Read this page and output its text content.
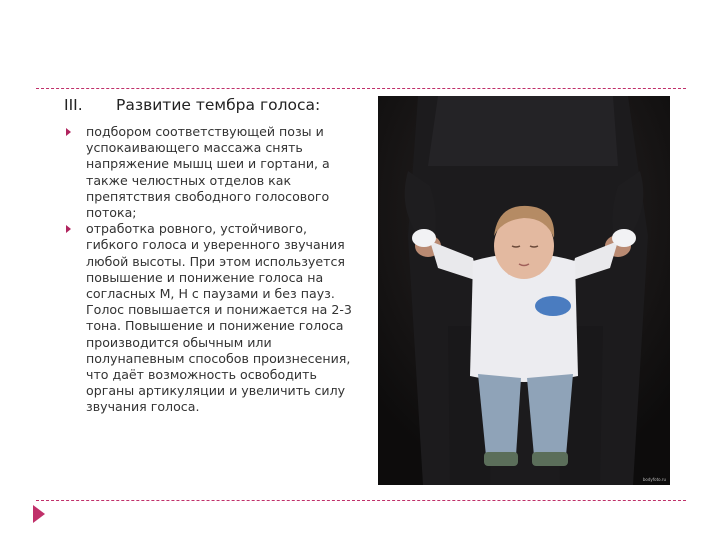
III. Развитие тембра голоса:
подбором соответствующей позы и успокаивающего массажа снять напряжение мышц шеи и гортани, а также челюстных отделов как препятствия свободного голосового потока;
отработка ровного, устойчивого, гибкого голоса и уверенного звучания любой высоты. При этом используется повышение и понижение голоса на согласных М, Н с паузами и без пауз. Голос повышается и понижается на 2-3 тона. Повышение и понижение голоса производится обычным или полунапевным способов произнесения, что даёт возможность освободить органы артикуляции и увеличить силу звучания голоса.
bodyfoto.ru
